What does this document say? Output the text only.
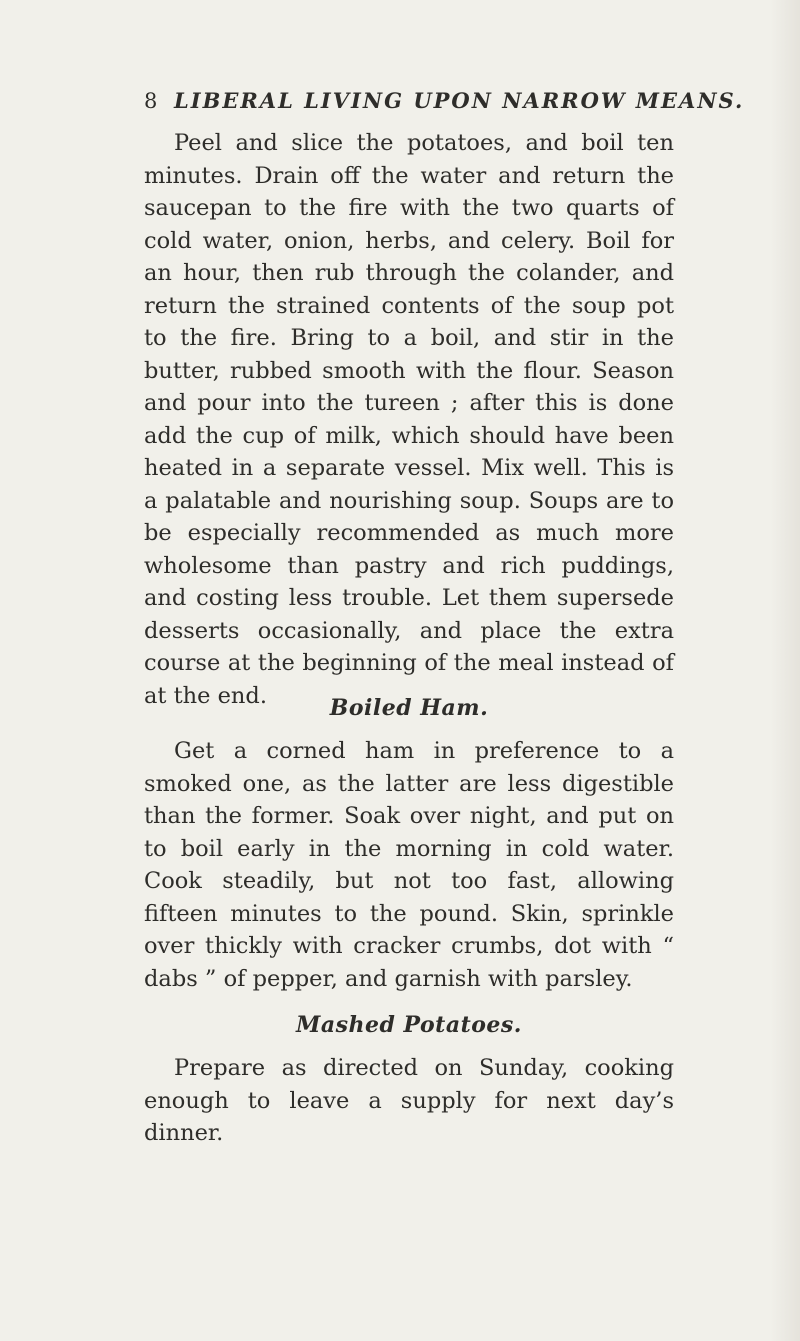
8 LIBERAL LIVING UPON NARROW MEANS.

Peel and slice the potatoes, and boil ten minutes. Drain off the water and return the saucepan to the fire with the two quarts of cold water, onion, herbs, and celery. Boil for an hour, then rub through the colander, and return the strained contents of the soup pot to the fire. Bring to a boil, and stir in the butter, rubbed smooth with the flour. Season and pour into the tureen ; after this is done add the cup of milk, which should have been heated in a separate vessel. Mix well. This is a palatable and nourishing soup. Soups are to be especially recommended as much more wholesome than pastry and rich puddings, and costing less trouble. Let them supersede desserts occasionally, and place the extra course at the beginning of the meal instead of at the end.	Boiled Ham.

Get a corned ham in preference to a smoked one, as the latter are less digestible than the former. Soak over night, and put on to boil early in the morning in cold water. Cook steadily, but not too fast, allowing fifteen minutes to the pound. Skin, sprinkle over thickly with cracker crumbs, dot with “ dabs ” of pepper, and garnish with parsley.

Mashed Potatoes.

Prepare as directed on Sunday, cooking enough to leave a supply for next day’s dinner.
